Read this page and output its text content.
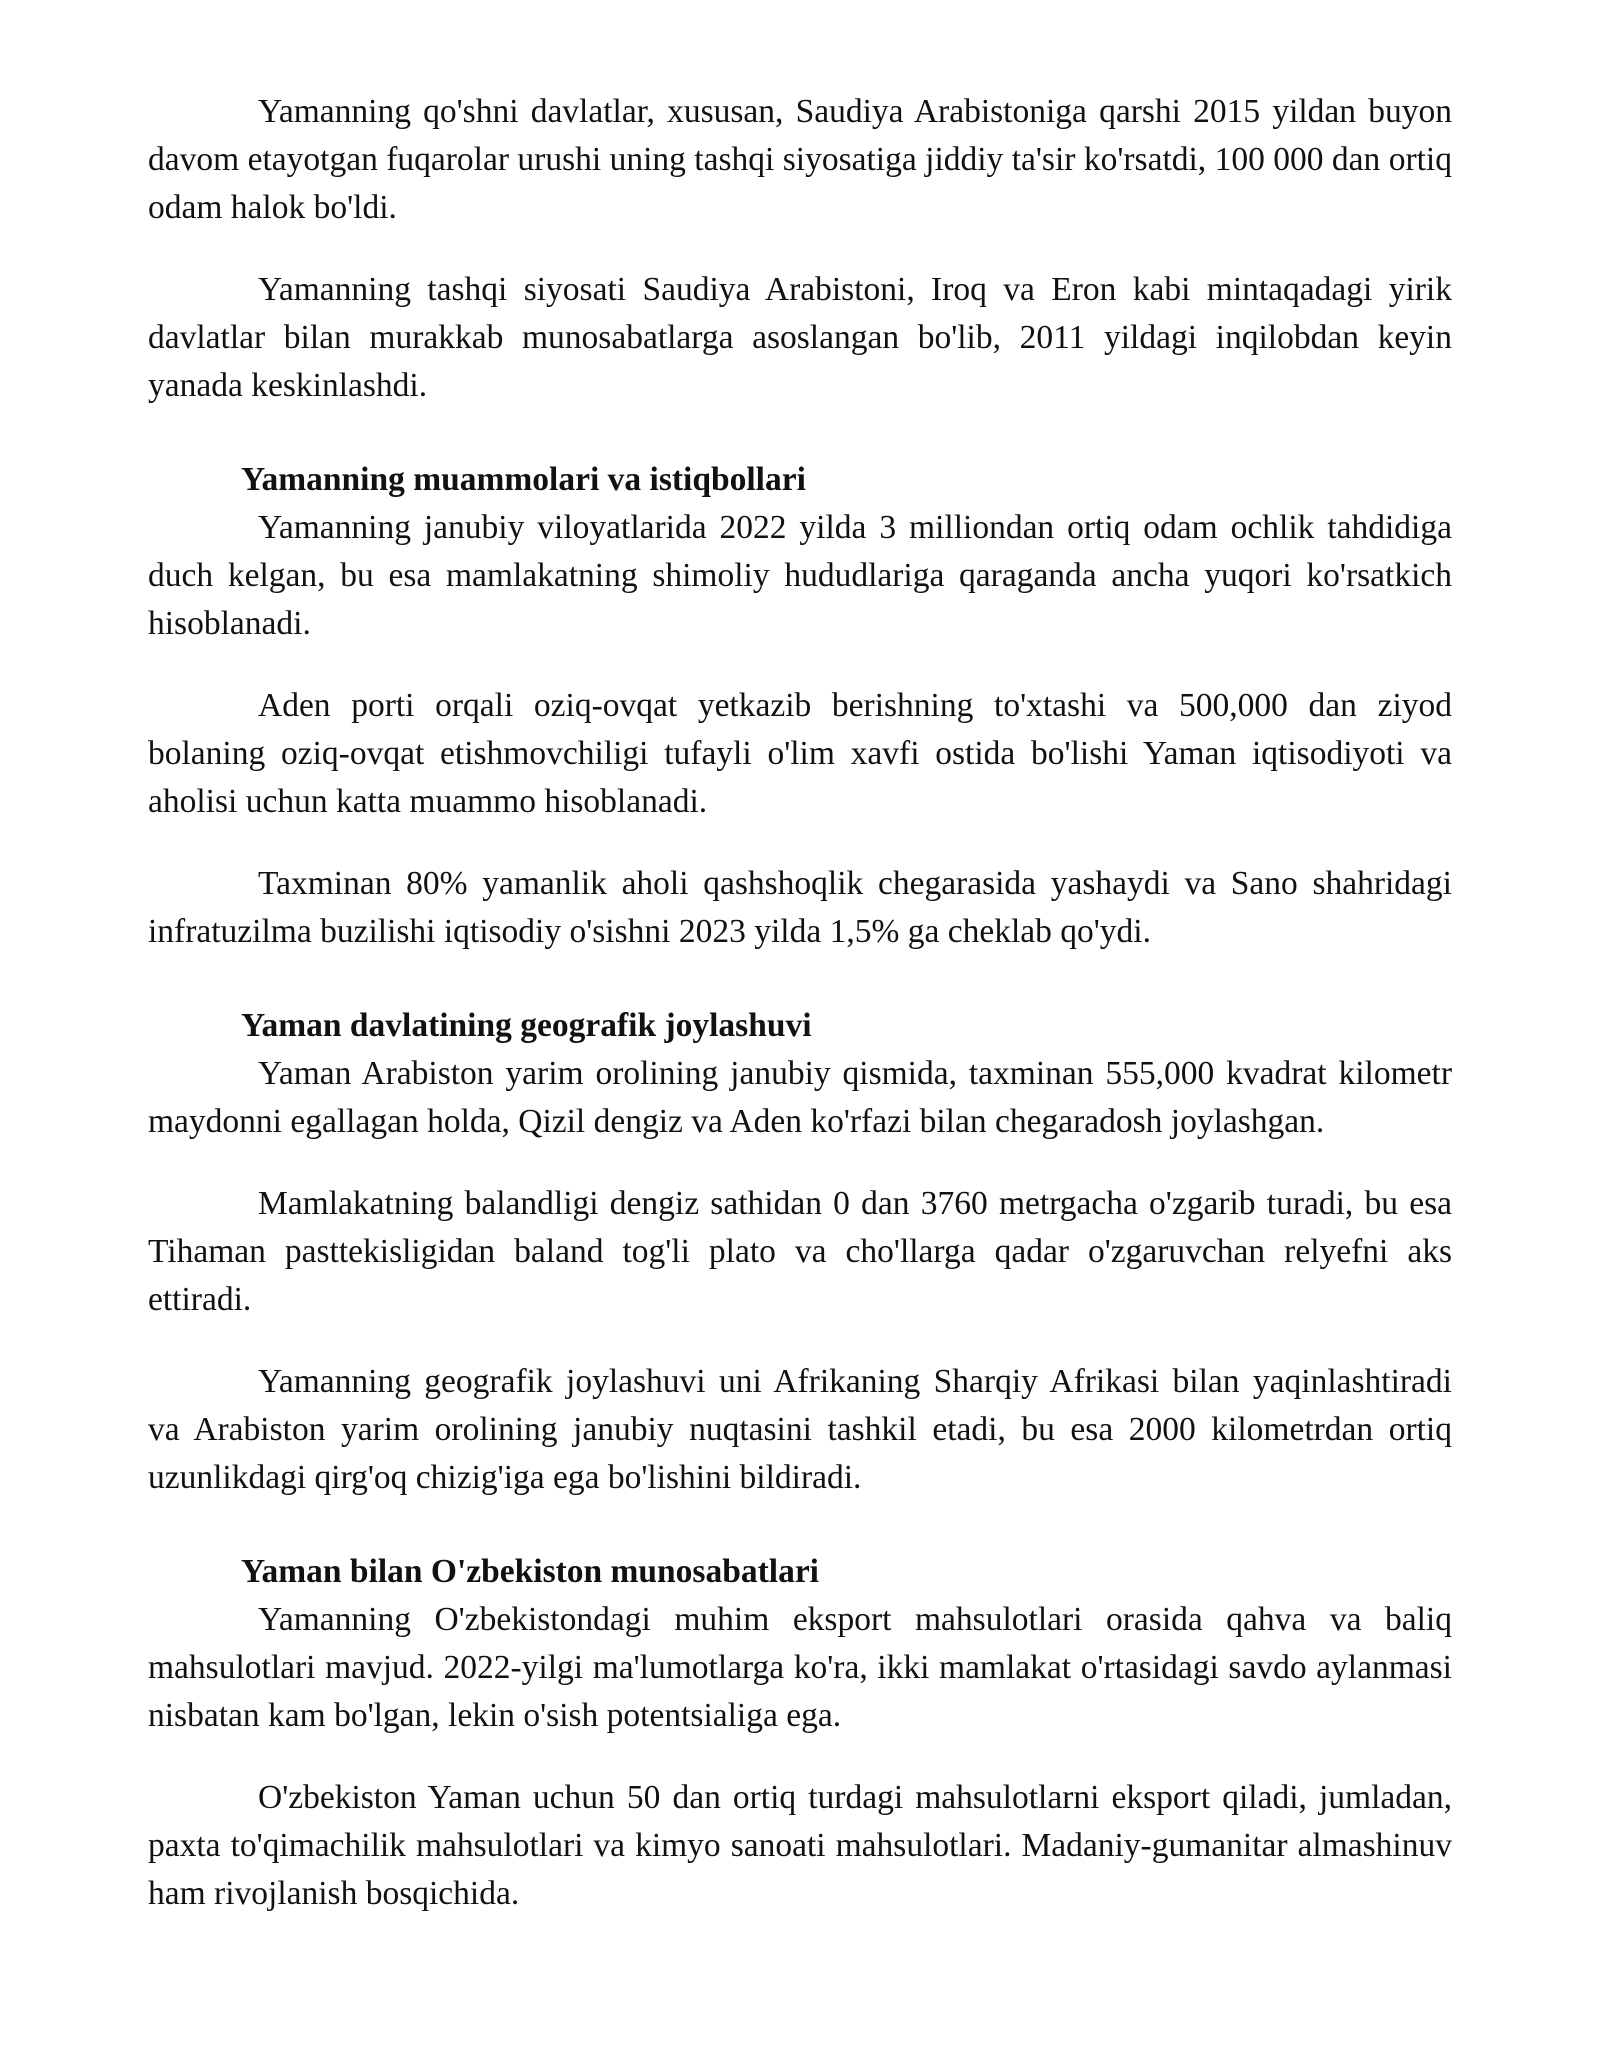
Yamanning qo'shni davlatlar, xususan, Saudiya Arabistoniga qarshi 2015 yildan buyon davom etayotgan fuqarolar urushi uning tashqi siyosatiga jiddiy ta'sir ko'rsatdi, 100 000 dan ortiq odam halok bo'ldi.

Yamanning tashqi siyosati Saudiya Arabistoni, Iroq va Eron kabi mintaqadagi yirik davlatlar bilan murakkab munosabatlarga asoslangan bo'lib, 2011 yildagi inqilobdan keyin yanada keskinlashdi.

Yamanning muammolari va istiqbollari

Yamanning janubiy viloyatlarida 2022 yilda 3 milliondan ortiq odam ochlik tahdidiga duch kelgan, bu esa mamlakatning shimoliy hududlariga qaraganda ancha yuqori ko'rsatkich hisoblanadi.

Aden porti orqali oziq-ovqat yetkazib berishning to'xtashi va 500,000 dan ziyod bolaning oziq-ovqat etishmovchiligi tufayli o'lim xavfi ostida bo'lishi Yaman iqtisodiyoti va aholisi uchun katta muammo hisoblanadi.

Taxminan 80% yamanlik aholi qashshoqlik chegarasida yashaydi va Sano shahridagi infratuzilma buzilishi iqtisodiy o'sishni 2023 yilda 1,5% ga cheklab qo'ydi.

Yaman davlatining geografik joylashuvi

Yaman Arabiston yarim orolining janubiy qismida, taxminan 555,000 kvadrat kilometr maydonni egallagan holda, Qizil dengiz va Aden ko'rfazi bilan chegaradosh joylashgan.

Mamlakatning balandligi dengiz sathidan 0 dan 3760 metrgacha o'zgarib turadi, bu esa Tihaman pasttekisligidan baland tog'li plato va cho'llarga qadar o'zgaruvchan relyefni aks ettiradi.

Yamanning geografik joylashuvi uni Afrikaning Sharqiy Afrikasi bilan yaqinlashtiradi va Arabiston yarim orolining janubiy nuqtasini tashkil etadi, bu esa 2000 kilometrdan ortiq uzunlikdagi qirg'oq chizig'iga ega bo'lishini bildiradi.

Yaman bilan O'zbekiston munosabatlari

Yamanning O'zbekistondagi muhim eksport mahsulotlari orasida qahva va baliq mahsulotlari mavjud. 2022-yilgi ma'lumotlarga ko'ra, ikki mamlakat o'rtasidagi savdo aylanmasi nisbatan kam bo'lgan, lekin o'sish potentsialiga ega.

O'zbekiston Yaman uchun 50 dan ortiq turdagi mahsulotlarni eksport qiladi, jumladan, paxta to'qimachilik mahsulotlari va kimyo sanoati mahsulotlari. Madaniy-gumanitar almashinuv ham rivojlanish bosqichida.
